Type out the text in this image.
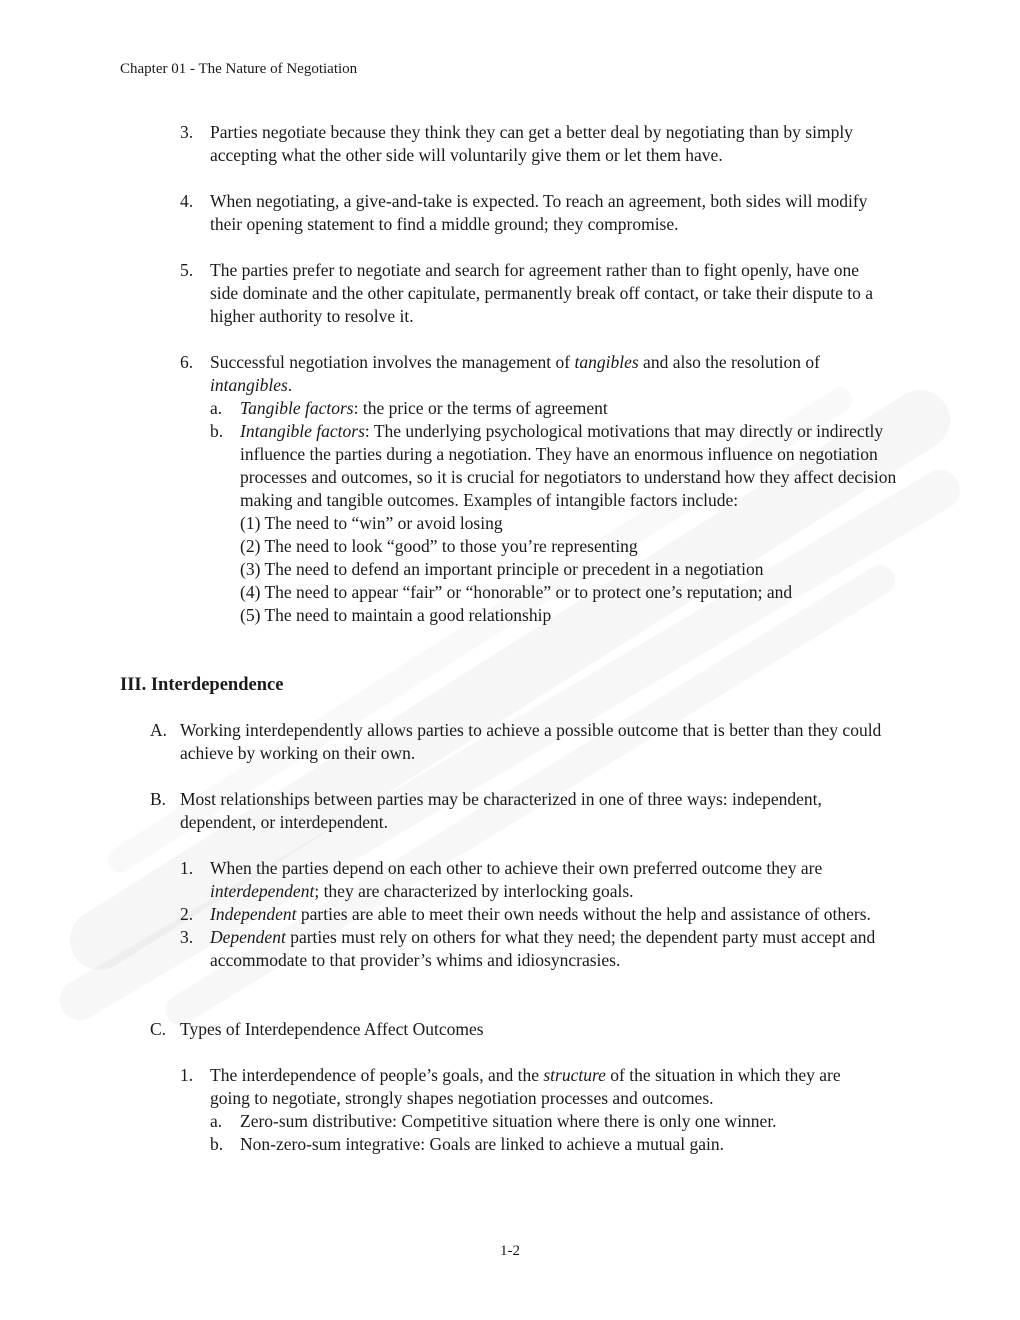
Chapter 01 - The Nature of Negotiation
3. Parties negotiate because they think they can get a better deal by negotiating than by simply accepting what the other side will voluntarily give them or let them have.
4. When negotiating, a give-and-take is expected. To reach an agreement, both sides will modify their opening statement to find a middle ground; they compromise.
5. The parties prefer to negotiate and search for agreement rather than to fight openly, have one side dominate and the other capitulate, permanently break off contact, or take their dispute to a higher authority to resolve it.
6. Successful negotiation involves the management of tangibles and also the resolution of intangibles.
a. Tangible factors: the price or the terms of agreement
b. Intangible factors: The underlying psychological motivations that may directly or indirectly influence the parties during a negotiation. They have an enormous influence on negotiation processes and outcomes, so it is crucial for negotiators to understand how they affect decision making and tangible outcomes. Examples of intangible factors include:
(1) The need to “win” or avoid losing
(2) The need to look “good” to those you’re representing
(3) The need to defend an important principle or precedent in a negotiation
(4) The need to appear “fair” or “honorable” or to protect one’s reputation; and
(5) The need to maintain a good relationship
III. Interdependence
A. Working interdependently allows parties to achieve a possible outcome that is better than they could achieve by working on their own.
B. Most relationships between parties may be characterized in one of three ways: independent, dependent, or interdependent.
1. When the parties depend on each other to achieve their own preferred outcome they are interdependent; they are characterized by interlocking goals.
2. Independent parties are able to meet their own needs without the help and assistance of others.
3. Dependent parties must rely on others for what they need; the dependent party must accept and accommodate to that provider’s whims and idiosyncrasies.
C. Types of Interdependence Affect Outcomes
1. The interdependence of people’s goals, and the structure of the situation in which they are going to negotiate, strongly shapes negotiation processes and outcomes.
a. Zero-sum distributive: Competitive situation where there is only one winner.
b. Non-zero-sum integrative: Goals are linked to achieve a mutual gain.
1-2
